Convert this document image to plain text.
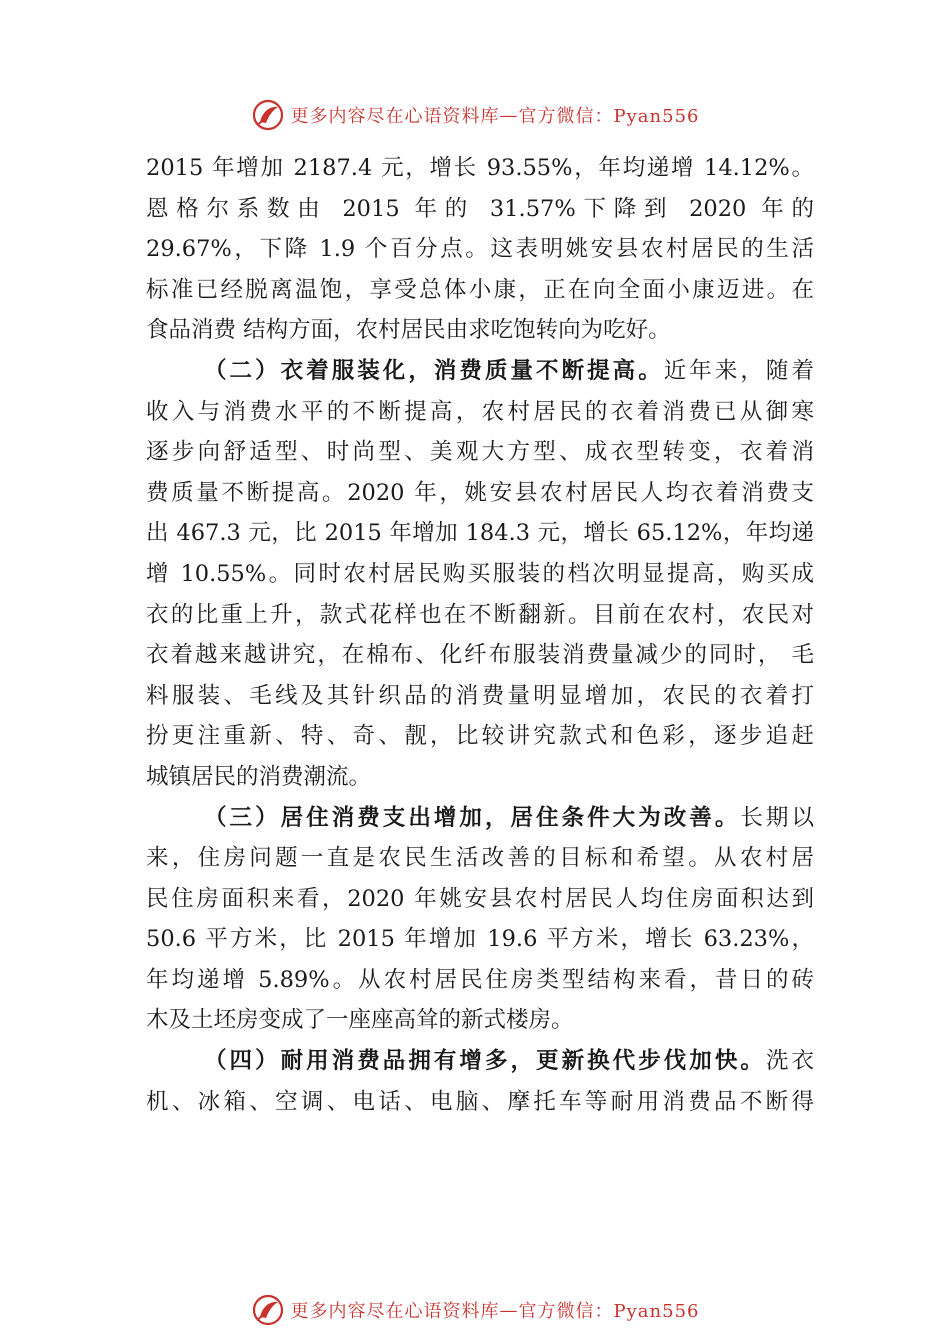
更多内容尽在心语资料库 — 官方微信：Pyan556
2015 年增加 2187.4 元，增长 93.55%，年均递增 14.12%。
恩格尔系数由 2015 年的 31.57%下降到 2020 年的
29.67%，下降 1.9 个百分点。这表明姚安县农村居民的生活
标准已经脱离温饱，享受总体小康，正在向全面小康迈进。在
食品消费 结构方面，农村居民由求吃饱转向为吃好。
（二）衣着服装化，消费质量不断提高。近年来，随着
收入与消费水平的不断提高，农村居民的衣着消费已从御寒
逐步向舒适型、时尚型、美观大方型、成衣型转变，衣着消
费质量不断提高。2020 年，姚安县农村居民人均衣着消费支
出 467.3 元，比 2015 年增加 184.3 元，增长 65.12%，年均递
增 10.55%。同时农村居民购买服装的档次明显提高，购买成
衣的比重上升，款式花样也在不断翻新。目前在农村，农民对
衣着越来越讲究，在棉布、化纤布服装消费量减少的同时， 毛
料服装、毛线及其针织品的消费量明显增加，农民的衣着打
扮更注重新、特、奇、靓，比较讲究款式和色彩，逐步追赶
城镇居民的消费潮流。
（三）居住消费支出增加，居住条件大为改善。长期以
来，住房问题一直是农民生活改善的目标和希望。从农村居
民住房面积来看，2020 年姚安县农村居民人均住房面积达到
50.6 平方米，比 2015 年增加 19.6 平方米，增长 63.23%，
年均递增 5.89%。从农村居民住房类型结构来看，昔日的砖
木及土坯房变成了一座座高耸的新式楼房。
（四）耐用消费品拥有增多，更新换代步伐加快。洗衣
机、冰箱、空调、电话、电脑、摩托车等耐用消费品不断得
更多内容尽在心语资料库 — 官方微信：Pyan556
